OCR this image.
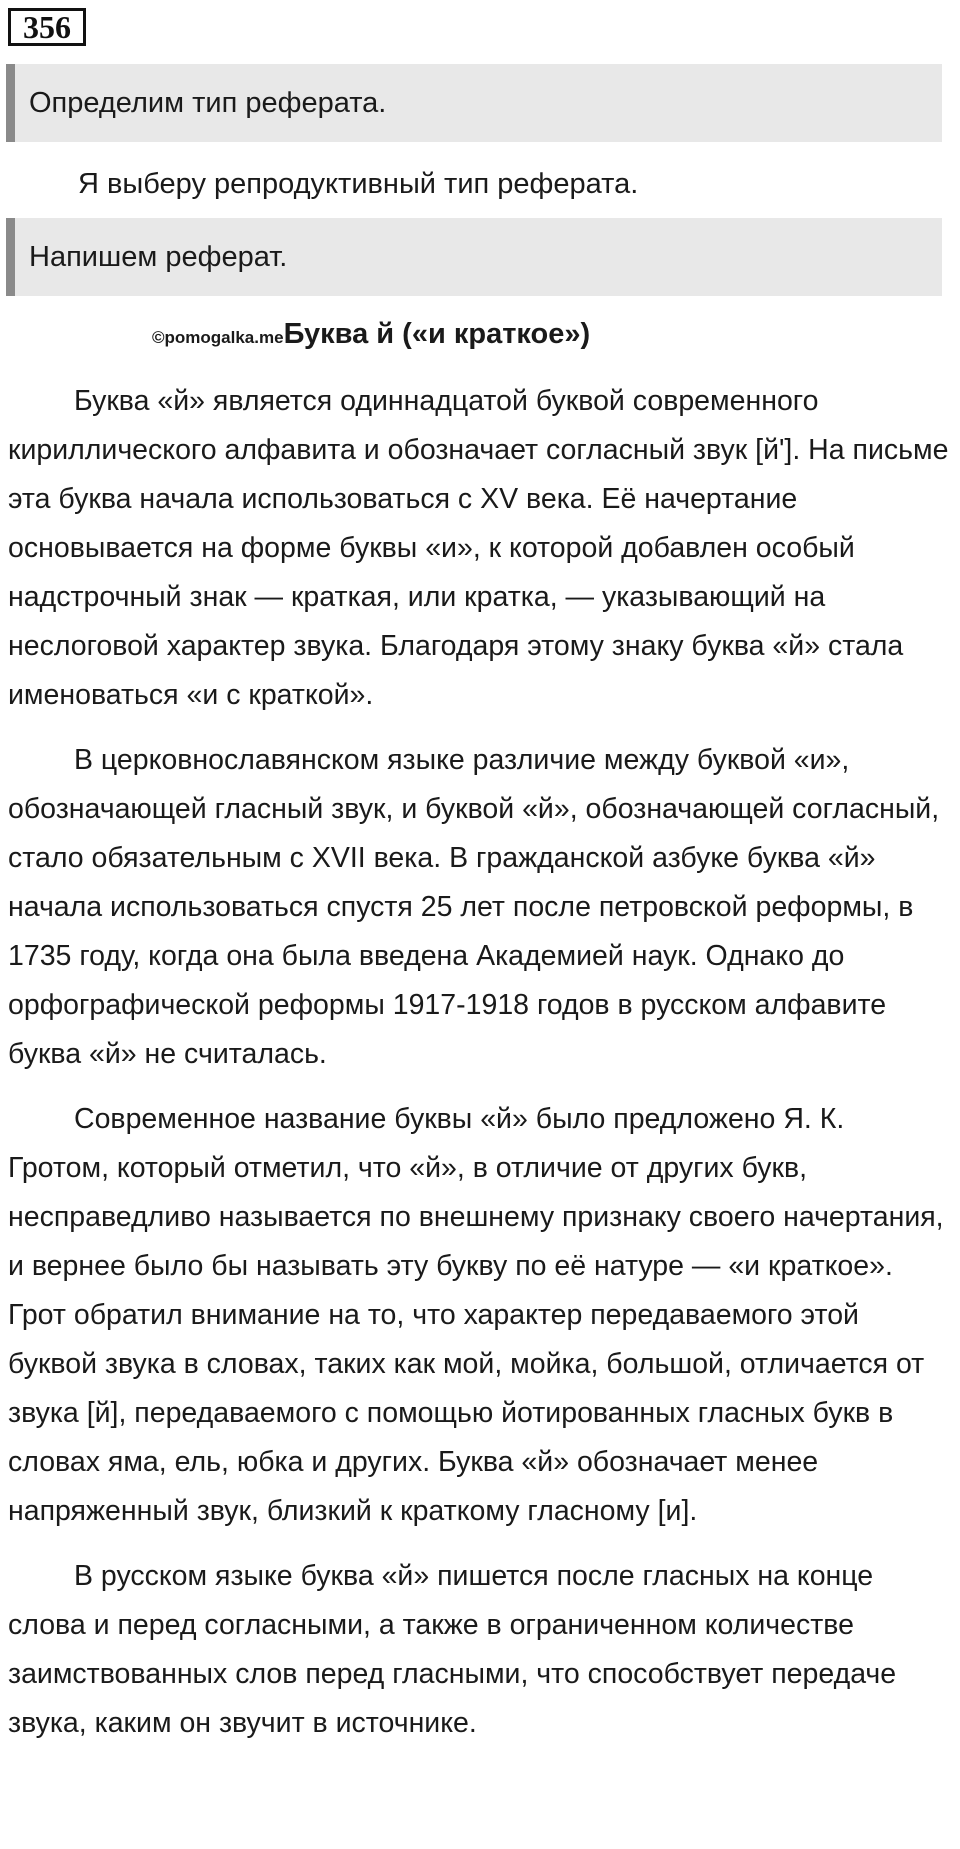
356
Определим тип реферата.
Я выберу репродуктивный тип реферата.
Напишем реферат.
©pomogalka.meБуква й («и краткое»)

Буква «й» является одиннадцатой буквой современного кириллического алфавита и обозначает согласный звук [й']. На письме эта буква начала использоваться с XV века. Её начертание основывается на форме буквы «и», к которой добавлен особый надстрочный знак — краткая, или кратка, — указывающий на неслоговой характер звука. Благодаря этому знаку буква «й» стала именоваться «и с краткой».

В церковнославянском языке различие между буквой «и», обозначающей гласный звук, и буквой «й», обозначающей согласный, стало обязательным с XVII века. В гражданской азбуке буква «й» начала использоваться спустя 25 лет после петровской реформы, в 1735 году, когда она была введена Академией наук. Однако до орфографической реформы 1917-1918 годов в русском алфавите буква «й» не считалась.

Современное название буквы «й» было предложено Я. К. Гротом, который отметил, что «й», в отличие от других букв, несправедливо называется по внешнему признаку своего начертания, и вернее было бы называть эту букву по её натуре — «и краткое». Грот обратил внимание на то, что характер передаваемого этой буквой звука в словах, таких как мой, мойка, большой, отличается от звука [й], передаваемого с помощью йотированных гласных букв в словах яма, ель, юбка и других. Буква «й» обозначает менее напряженный звук, близкий к краткому гласному [и].

В русском языке буква «й» пишется после гласных на конце слова и перед согласными, а также в ограниченном количестве заимствованных слов перед гласными, что способствует передаче звука, каким он звучит в источнике.
